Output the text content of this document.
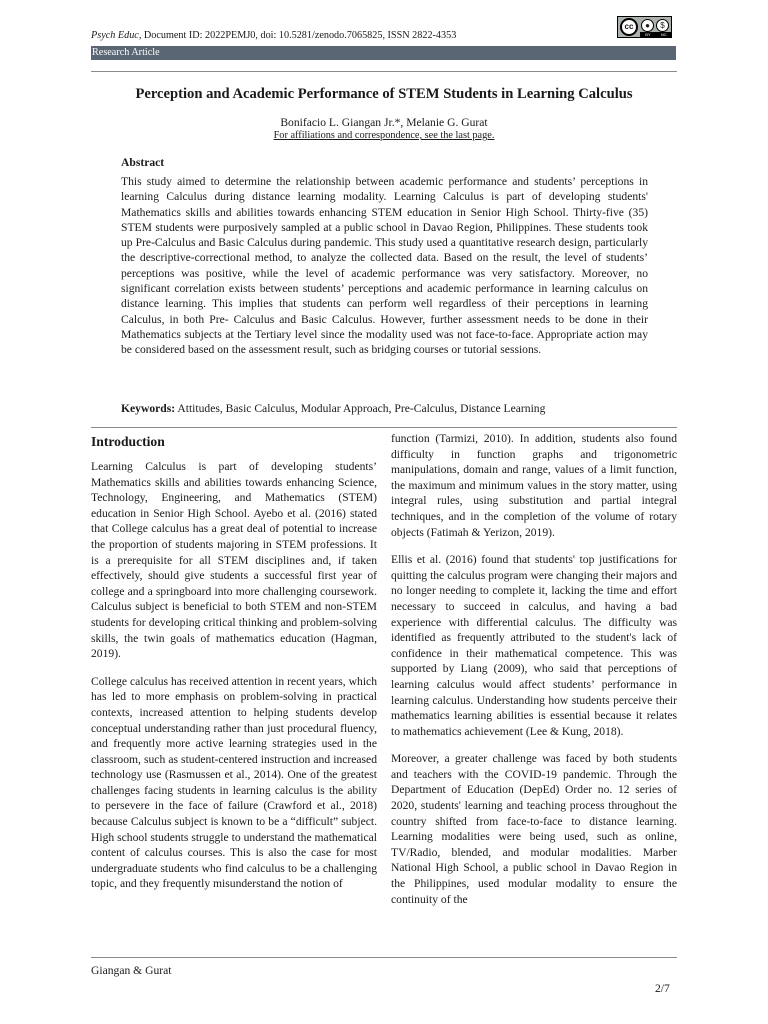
Psych Educ, Document ID: 2022PEMJ0, doi: 10.5281/zenodo.7065825, ISSN 2822-4353
cc	●	$
BY	NC
Research Article
Perception and Academic Performance of STEM Students in Learning Calculus
Bonifacio L. Giangan Jr.*, Melanie G. Gurat
For affiliations and correspondence, see the last page.
Abstract

This study aimed to determine the relationship between academic performance and students’ perceptions in learning Calculus during distance learning modality. Learning Calculus is part of developing students' Mathematics skills and abilities towards enhancing STEM education in Senior High School. Thirty-five (35) STEM students were purposively sampled at a public school in Davao Region, Philippines. These students took up Pre-Calculus and Basic Calculus during pandemic. This study used a quantitative research design, particularly the descriptive-correctional method, to analyze the collected data. Based on the result, the level of students’ perceptions was positive, while the level of academic performance was very satisfactory. Moreover, no significant correlation exists between students’ perceptions and academic performance in learning calculus on distance learning. This implies that students can perform well regardless of their perceptions in learning Calculus, in both Pre- Calculus and Basic Calculus. However, further assessment needs to be done in their Mathematics subjects at the Tertiary level since the modality used was not face-to-face. Appropriate action may be considered based on the assessment result, such as bridging courses or tutorial sessions.

Keywords: Attitudes, Basic Calculus, Modular Approach, Pre-Calculus, Distance Learning
Introduction

Learning Calculus is part of developing students’ Mathematics skills and abilities towards enhancing Science, Technology, Engineering, and Mathematics (STEM) education in Senior High School. Ayebo et al. (2016) stated that College calculus has a great deal of potential to increase the proportion of students majoring in STEM professions. It is a prerequisite for all STEM disciplines and, if taken effectively, should give students a successful first year of college and a springboard into more challenging coursework. Calculus subject is beneficial to both STEM and non-STEM students for developing critical thinking and problem-solving skills, the twin goals of mathematics education (Hagman, 2019).

College calculus has received attention in recent years, which has led to more emphasis on problem-solving in practical contexts, increased attention to helping students develop conceptual understanding rather than just procedural fluency, and frequently more active learning strategies used in the classroom, such as student-centered instruction and increased technology use (Rasmussen et al., 2014). One of the greatest challenges facing students in learning calculus is the ability to persevere in the face of failure (Crawford et al., 2018) because Calculus subject is known to be a “difficult” subject. High school students struggle to understand the mathematical content of calculus courses. This is also the case for most undergraduate students who find calculus to be a challenging topic, and they frequently misunderstand the notion of

function (Tarmizi, 2010). In addition, students also found difficulty in function graphs and trigonometric manipulations, domain and range, values of a limit function, the maximum and minimum values in the story matter, using integral rules, using substitution and partial integral techniques, and in the completion of the volume of rotary objects (Fatimah & Yerizon, 2019).

Ellis et al. (2016) found that students' top justifications for quitting the calculus program were changing their majors and no longer needing to complete it, lacking the time and effort necessary to succeed in calculus, and having a bad experience with differential calculus. The difficulty was identified as frequently attributed to the student's lack of confidence in their mathematical competence. This was supported by Liang (2009), who said that perceptions of learning calculus would affect students’ performance in learning calculus. Understanding how students perceive their mathematics learning abilities is essential because it relates to mathematics achievement (Lee & Kung, 2018).

Moreover, a greater challenge was faced by both students and teachers with the COVID-19 pandemic. Through the Department of Education (DepEd) Order no. 12 series of 2020, students' learning and teaching process throughout the country shifted from face-to-face to distance learning. Learning modalities were being used, such as online, TV/Radio, blended, and modular modalities. Marber National High School, a public school in Davao Region in the Philippines, used modular modality to ensure the continuity of the

Giangan & Gurat
2/7
